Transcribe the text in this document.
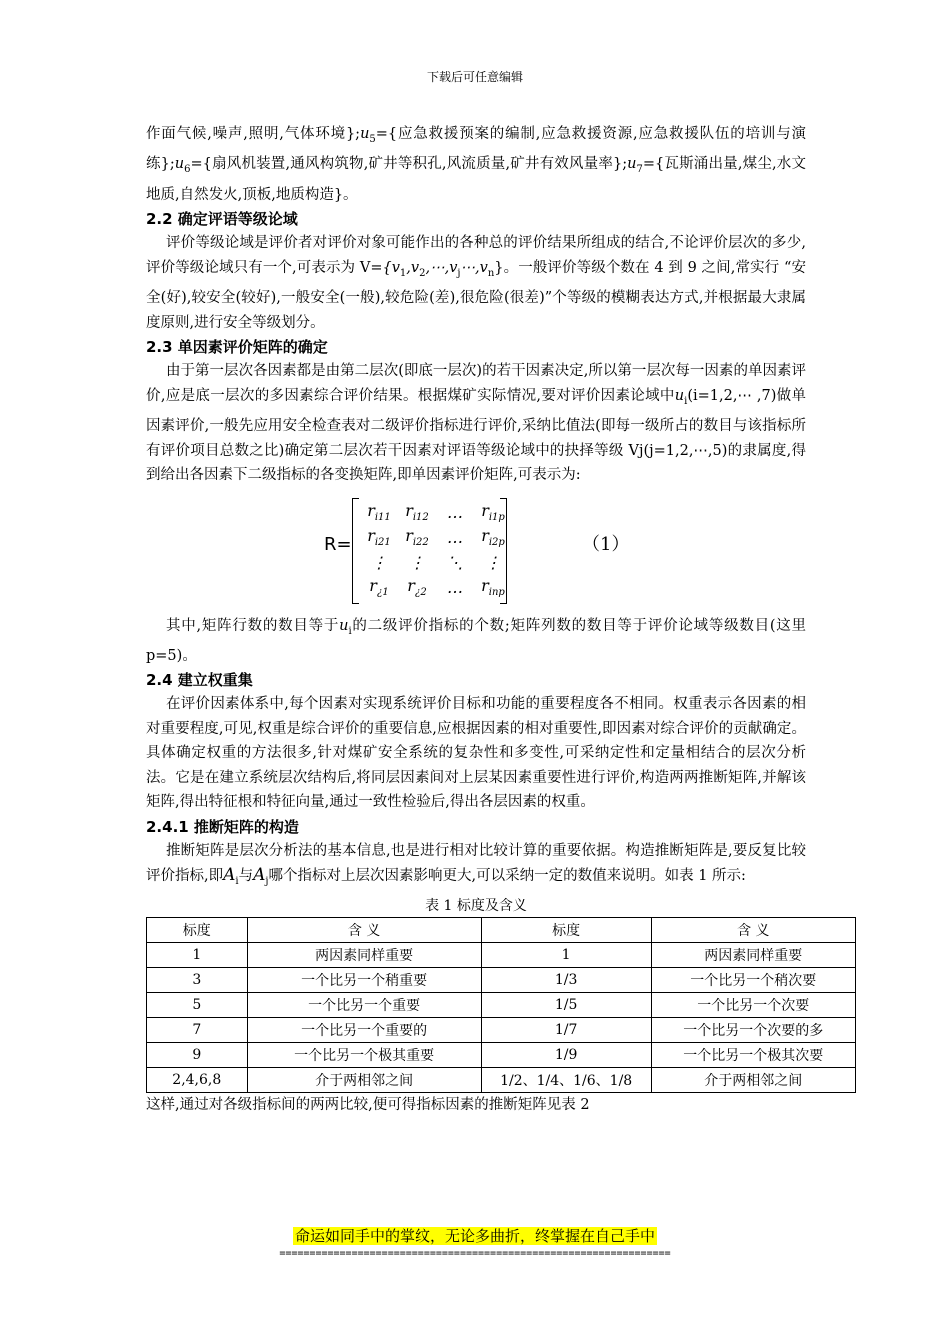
下载后可任意编辑

作面气候,噪声,照明,气体环境}$;u_5=${应急救援预案的编制,应急救援资源,应急救援队伍的培训与演练}$;u_6=${扇风机装置,通风构筑物,矿井等积孔,风流质量,矿井有效风量率}$;u_7=${瓦斯涌出量,煤尘,水文地质,自然发火,顶板,地质构造}。

2.2 确定评语等级论域

评价等级论域是评价者对评价对象可能作出的各种总的评价结果所组成的结合,不论评价层次的多少,评价等级论域只有一个,可表示为 $V=\{v_1,v_2,\cdots,v_j\cdots,v_n\}$。一般评价等级个数在 4 到 9 之间,常实行 “安全(好),较安全(较好),一般安全(一般),较危险(差),很危险(很差)”个等级的模糊表达方式,并根据最大隶属度原则,进行安全等级划分。

2.3 单因素评价矩阵的确定

由于第一层次各因素都是由第二层次(即底一层次)的若干因素决定,所以第一层次每一因素的单因素评价,应是底一层次的多因素综合评价结果。根据煤矿实际情况,要对评价因素论域中$u_i(i=1,2,\cdots$ ,7)做单因素评价,一般先应用安全检查表对二级评价指标进行评价,采纳比值法(即每一级所占的数目与该指标所有评价项目总数之比)确定第二层次若干因素对评语等级论域中的抉择等级 Vj(j=1,2,⋯,5)的隶属度,得到给出各因素下二级指标的各变换矩阵,即单因素评价矩阵,可表示为:

R=
$r_{i11}$	$r_{i12}$	…	$r_{i1p}$
$r_{i21}$	$r_{i22}$	…	$r_{i2p}$
⋮	⋮	⋱	⋮
$r_{¿1}$	$r_{¿2}$	…	$r_{inp}$
（1）

其中,矩阵行数的数目等于$u_i$的二级评价指标的个数;矩阵列数的数目等于评价论域等级数目(这里 p=5)。

2.4 建立权重集

在评价因素体系中,每个因素对实现系统评价目标和功能的重要程度各不相同。权重表示各因素的相对重要程度,可见,权重是综合评价的重要信息,应根据因素的相对重要性,即因素对综合评价的贡献确定。具体确定权重的方法很多,针对煤矿安全系统的复杂性和多变性,可采纳定性和定量相结合的层次分析法。它是在建立系统层次结构后,将同层因素间对上层某因素重要性进行评价,构造两两推断矩阵,并解该矩阵,得出特征根和特征向量,通过一致性检验后,得出各层因素的权重。

2.4.1 推断矩阵的构造

推断矩阵是层次分析法的基本信息,也是进行相对比较计算的重要依据。构造推断矩阵是,要反复比较评价指标,即$A_i$与$A_j$哪个指标对上层次因素影响更大,可以采纳一定的数值来说明。如表 1 所示:

表 1 标度及含义

标度	含 义	标度	含 义
1	两因素同样重要	1	两因素同样重要
3	一个比另一个稍重要	1/3	一个比另一个稍次要
5	一个比另一个重要	1/5	一个比另一个次要
7	一个比另一个重要的	1/7	一个比另一个次要的多
9	一个比另一个极其重要	1/9	一个比另一个极其次要
2,4,6,8	介于两相邻之间	1/2、1/4、1/6、1/8	介于两相邻之间

这样,通过对各级指标间的两两比较,便可得指标因素的推断矩阵见表 2

命运如同手中的掌纹，无论多曲折，终掌握在自己手中
=================================================================
